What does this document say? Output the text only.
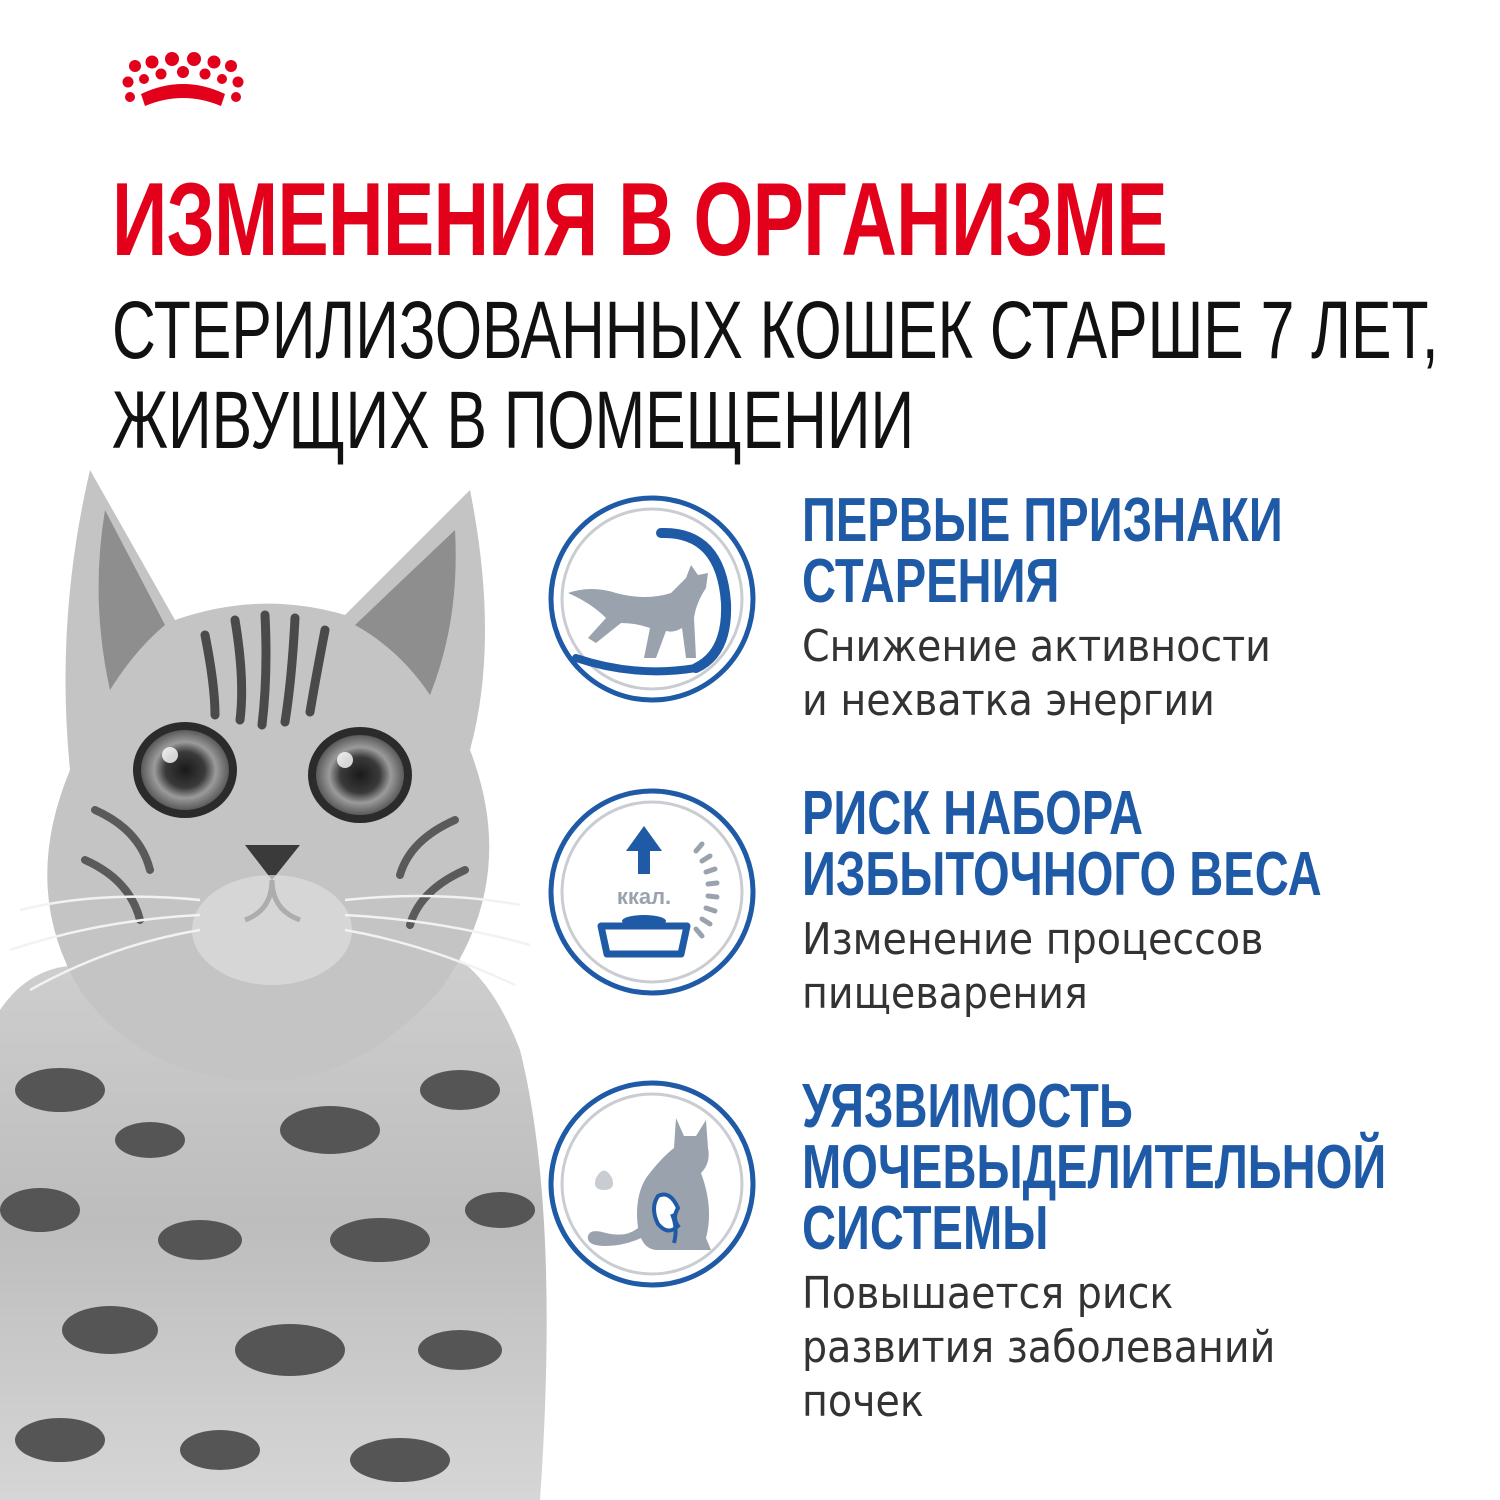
ИЗМЕНЕНИЯ В ОРГАНИЗМЕ
СТЕРИЛИЗОВАННЫХ КОШЕК СТАРШЕ 7 ЛЕТ,
ЖИВУЩИХ В ПОМЕЩЕНИИ
ПЕРВЫЕ ПРИЗНАКИ
СТАРЕНИЯ

Снижение активности
и нехватка энергии

ккал.
РИСК НАБОРА
ИЗБЫТОЧНОГО ВЕСА

Изменение процессов
пищеварения

УЯЗВИМОСТЬ
МОЧЕВЫДЕЛИТЕЛЬНОЙ
СИСТЕМЫ

Повышается риск
развития заболеваний
почек
